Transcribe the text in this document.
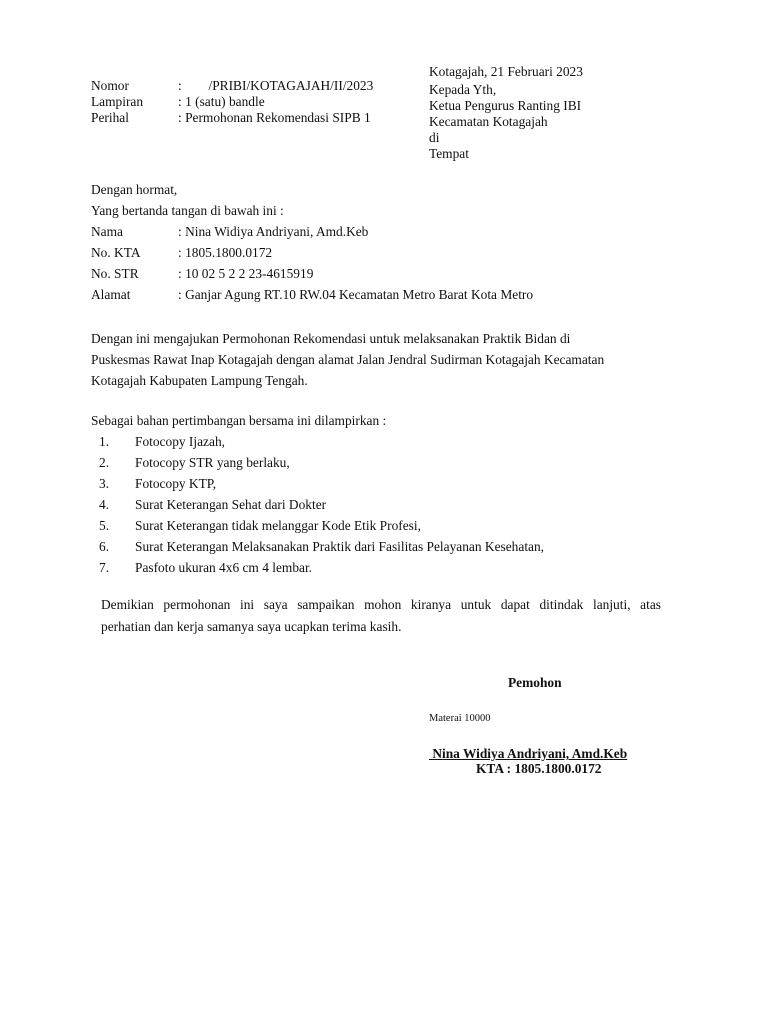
Kotagajah, 21 Februari 2023
Kepada Yth,
Ketua Pengurus Ranting IBI
Kecamatan Kotagajah
di
Tempat
Nomor	:        /PRIBI/KOTAGAJAH/II/2023
Lampiran	: 1 (satu) bandle
Perihal	: Permohonan Rekomendasi SIPB 1
Dengan hormat,
Yang bertanda tangan di bawah ini :
Nama	: Nina Widiya Andriyani, Amd.Keb
No. KTA	: 1805.1800.0172
No. STR	: 10 02 5 2 2 23-4615919
Alamat	: Ganjar Agung RT.10 RW.04 Kecamatan Metro Barat Kota Metro
Dengan ini mengajukan Permohonan Rekomendasi untuk melaksanakan Praktik Bidan di
Puskesmas Rawat Inap Kotagajah dengan alamat Jalan Jendral Sudirman Kotagajah Kecamatan
Kotagajah Kabupaten Lampung Tengah.
Sebagai bahan pertimbangan bersama ini dilampirkan :
1. Fotocopy Ijazah,
2. Fotocopy STR yang berlaku,
3. Fotocopy KTP,
4. Surat Keterangan Sehat dari Dokter
5. Surat Keterangan tidak melanggar Kode Etik Profesi,
6. Surat Keterangan Melaksanakan Praktik dari Fasilitas Pelayanan Kesehatan,
7. Pasfoto ukuran 4x6 cm 4 lembar.
Demikian permohonan ini saya sampaikan mohon kiranya untuk dapat ditindak lanjuti, atas
perhatian dan kerja samanya saya ucapkan terima kasih.
Pemohon
Materai 10000
Nina Widiya Andriyani, Amd.Keb
KTA : 1805.1800.0172
